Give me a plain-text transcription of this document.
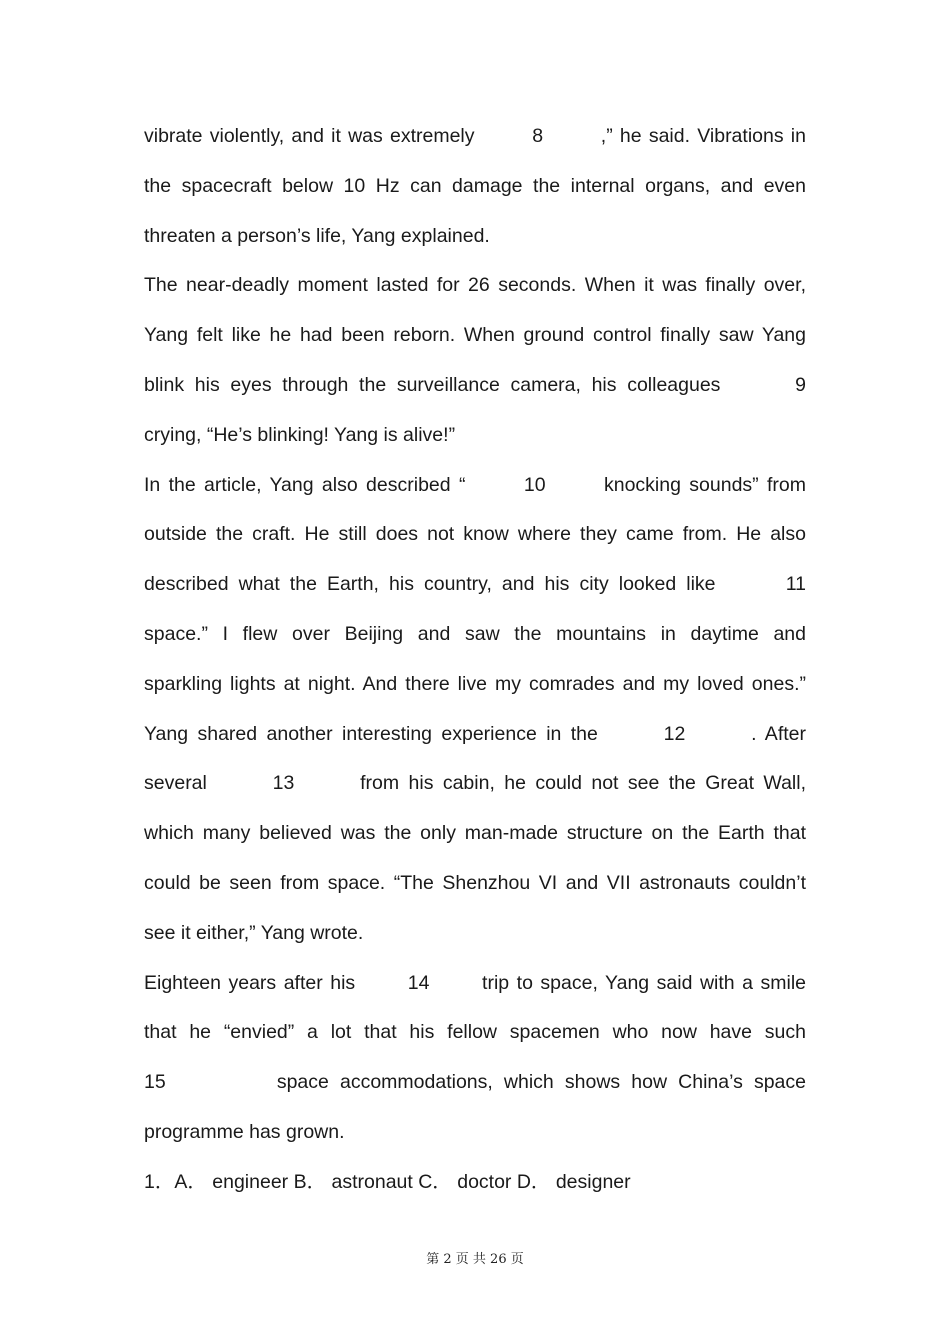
vibrate violently, and it was extremely        8        ,” he said. Vibrations in
the spacecraft below 10 Hz can damage the internal organs, and even
threaten a person’s life, Yang explained.
The near-deadly moment lasted for 26 seconds. When it was finally over,
Yang felt like he had been reborn. When ground control finally saw Yang
blink his eyes through the surveillance camera, his colleagues       9
crying, “He’s blinking! Yang is alive!”
In the article, Yang also described “       10       knocking sounds” from
outside the craft. He still does not know where they came from. He also
described what the Earth, his country, and his city looked like       11
space.” I flew over Beijing and saw the mountains in daytime and
sparkling lights at night. And there live my comrades and my loved ones.”
Yang shared another interesting experience in the       12       . After
several       13       from his cabin, he could not see the Great Wall,
which many believed was the only man-made structure on the Earth that
could be seen from space. “The Shenzhou VI and VII astronauts couldn’t
see it either,” Yang wrote.
Eighteen years after his       14       trip to space, Yang said with a smile
that he “envied” a lot that his fellow spacemen who now have such
15          space accommodations, which shows how China’s space
programme has grown.
1．A． engineer B． astronaut C． doctor D． designer
第 2 页 共 26 页
